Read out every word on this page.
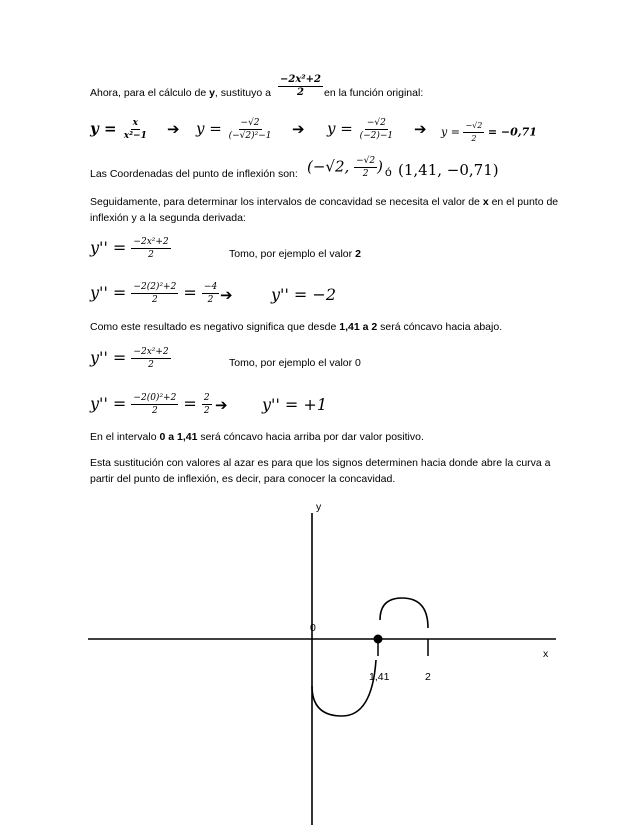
Ahora, para el cálculo de y, sustituyo a $\frac{\text{−2x²+2}}{2}$ en la función original:
$y = \frac{x}{\text{x²−1}}$ ➔ $y = \frac{-√2}{\text{(−√2)²−1}}$ ➔ $y = \frac{-√2}{(-2)-1}$ ➔ $y = \frac{-√2}{2} = -0,71$
Las Coordenadas del punto de inflexión son: (−√2, $\frac{-√2}{2}$ ) ó (1,41, −0,71)

Seguidamente, para determinar los intervalos de concavidad se necesita el valor de x en el punto de inflexión y a la segunda derivada:

$y'' = \frac{\text{−2x²+2}}{2}$	Tomo, por ejemplo el valor 2
$y'' = \frac{\text{−2(2)²+2}}{2} = \frac{-4}{2}$ ➔ y'' = −2
Como este resultado es negativo significa que desde 1,41 a 2 será cóncavo hacia abajo.
$y'' = \frac{\text{−2x²+2}}{2}$	Tomo, por ejemplo el valor 0
$y'' = \frac{\text{−2(0)²+2}}{2} = \frac{2}{2}$ ➔ y'' = +1
En el intervalo 0 a 1,41 será cóncavo hacia arriba por dar valor positivo.

Esta sustitución con valores al azar es para que los signos determinen hacia donde abre la curva a partir del punto de inflexión, es decir, para conocer la concavidad.

y
x
0
1,41	2
